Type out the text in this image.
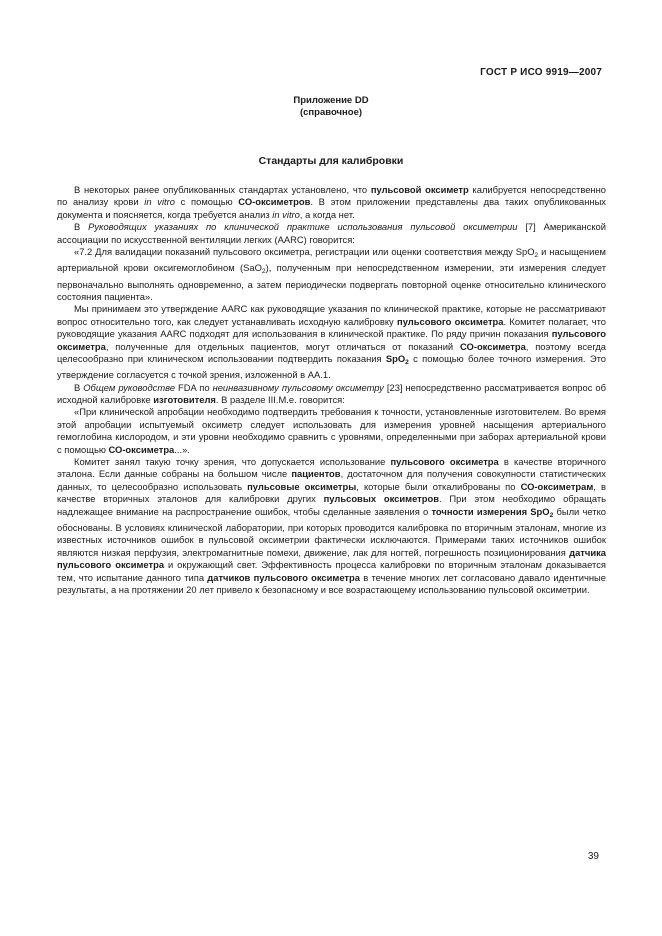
ГОСТ Р ИСО 9919—2007
Приложение DD
(справочное)
Стандарты для калибровки

В некоторых ранее опубликованных стандартах установлено, что пульсовой оксиметр калибруется непосредственно по анализу крови in vitro с помощью СО-оксиметров. В этом приложении представлены два таких опубликованных документа и поясняется, когда требуется анализ in vitro, а когда нет.

В Руководящих указаниях по клинической практике использования пульсовой оксиметрии [7] Американской ассоциации по искусственной вентиляции легких (AARC) говорится:

«7.2 Для валидации показаний пульсового оксиметра, регистрации или оценки соответствия между SpO$_2$ и насыщением артериальной крови оксигемоглобином (SaO$_2$), полученным при непосредственном измерении, эти измерения следует первоначально выполнять одновременно, а затем периодически подвергать повторной оценке относительно клинического состояния пациента».

Мы принимаем это утверждение AARC как руководящие указания по клинической практике, которые не рассматривают вопрос относительно того, как следует устанавливать исходную калибровку пульсового оксиметра. Комитет полагает, что руководящие указания AARC подходят для использования в клинической практике. По ряду причин показания пульсового оксиметра, полученные для отдельных пациентов, могут отличаться от показаний СО-оксиметра, поэтому всегда целесообразно при клиническом использовании подтвердить показания SpO$_2$ с помощью более точного измерения. Это утверждение согласуется с точкой зрения, изложенной в AA.1.

В Общем руководстве FDA по неинвазивному пульсовому оксиметру [23] непосредственно рассматривается вопрос об исходной калибровке изготовителя. В разделе III.M.e. говорится:

«При клинической апробации необходимо подтвердить требования к точности, установленные изготовителем. Во время этой апробации испытуемый оксиметр следует использовать для измерения уровней насыщения артериального гемоглобина кислородом, и эти уровни необходимо сравнить с уровнями, определенными при заборах артериальной крови с помощью СО-оксиметра...».

Комитет занял такую точку зрения, что допускается использование пульсового оксиметра в качестве вторичного эталона. Если данные собраны на большом числе пациентов, достаточном для получения совокупности статистических данных, то целесообразно использовать пульсовые оксиметры, которые были откалиброваны по СО-оксиметрам, в качестве вторичных эталонов для калибровки других пульсовых оксиметров. При этом необходимо обращать надлежащее внимание на распространение ошибок, чтобы сделанные заявления о точности измерения SpO$_2$ были четко обоснованы. В условиях клинической лаборатории, при которых проводится калибровка по вторичным эталонам, многие из известных источников ошибок в пульсовой оксиметрии фактически исключаются. Примерами таких источников ошибок являются низкая перфузия, электромагнитные помехи, движение, лак для ногтей, погрешность позиционирования датчика пульсового оксиметра и окружающий свет. Эффективность процесса калибровки по вторичным эталонам доказывается тем, что испытание данного типа датчиков пульсового оксиметра в течение многих лет согласовано давало идентичные результаты, а на протяжении 20 лет привело к безопасному и все возрастающему использованию пульсовой оксиметрии.

39
